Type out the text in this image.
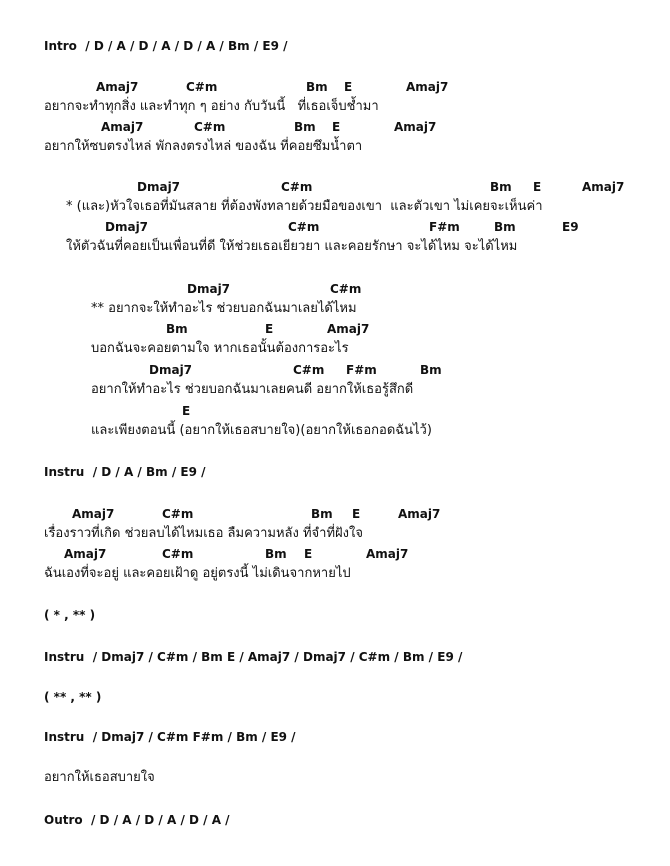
Intro  / D / A / D / A / D / A / Bm / E9 /
Amaj7	C#m	Bm E	Amaj7
อยากจะทำทุกสิ่ง และทำทุก ๆ อย่าง กับวันนี้   ที่เธอเจ็บช้ำมา
Amaj7	C#m	Bm E	Amaj7
อยากให้ซบตรงไหล่ พักลงตรงไหล่ ของฉัน ที่คอยซึมน้ำตา
Dmaj7	C#m	Bm E	Amaj7
* (และ)หัวใจเธอที่มันสลาย ที่ต้องพังทลายด้วยมือของเขา  และตัวเขา ไม่เคยจะเห็นค่า
Dmaj7	C#m	F#m	Bm	E9
ให้ตัวฉันที่คอยเป็นเพื่อนที่ดี ให้ช่วยเธอเยียวยา และคอยรักษา จะได้ไหม จะได้ไหม
Dmaj7	C#m
** อยากจะให้ทำอะไร ช่วยบอกฉันมาเลยได้ไหม
Bm	E	Amaj7
บอกฉันจะคอยตามใจ หากเธอนั้นต้องการอะไร
Dmaj7	C#m F#m	Bm
อยากให้ทำอะไร ช่วยบอกฉันมาเลยคนดี อยากให้เธอรู้สึกดี
E
และเพียงตอนนี้ (อยากให้เธอสบายใจ)(อยากให้เธอกอดฉันไว้)
Instru  / D / A / Bm / E9 /
Amaj7	C#m	Bm E	Amaj7
เรื่องราวที่เกิด ช่วยลบได้ไหมเธอ ลืมความหลัง ที่จำที่ฝังใจ
Amaj7	C#m	Bm E	Amaj7
ฉันเองที่จะอยู่ และคอยเฝ้าดู อยู่ตรงนี้ ไม่เดินจากหายไป
( * , ** )
Instru  / Dmaj7 / C#m / Bm E / Amaj7 / Dmaj7 / C#m / Bm / E9 /
( ** , ** )
Instru  / Dmaj7 / C#m F#m / Bm / E9 /
อยากให้เธอสบายใจ
Outro  / D / A / D / A / D / A /
